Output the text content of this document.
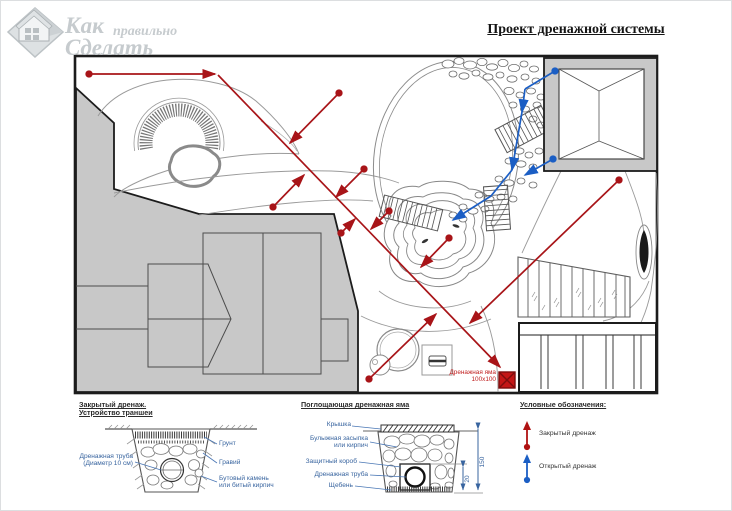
150
20
Как правильно
Сделать
Проект дренажной системы
Дренажная яма
100x100
Закрытый дренаж.
Устройство траншеи
Дренажная труба
(Диаметр 10 см)
Грунт
Гравий
Бутовый камень
или битый кирпич
Поглощающая дренажная яма
Крышка
Булыжная засыпка
или кирпич
Защитный короб
Дренажная труба
Щебень
Условные обозначения:
Закрытый дренаж
Открытый дренаж
